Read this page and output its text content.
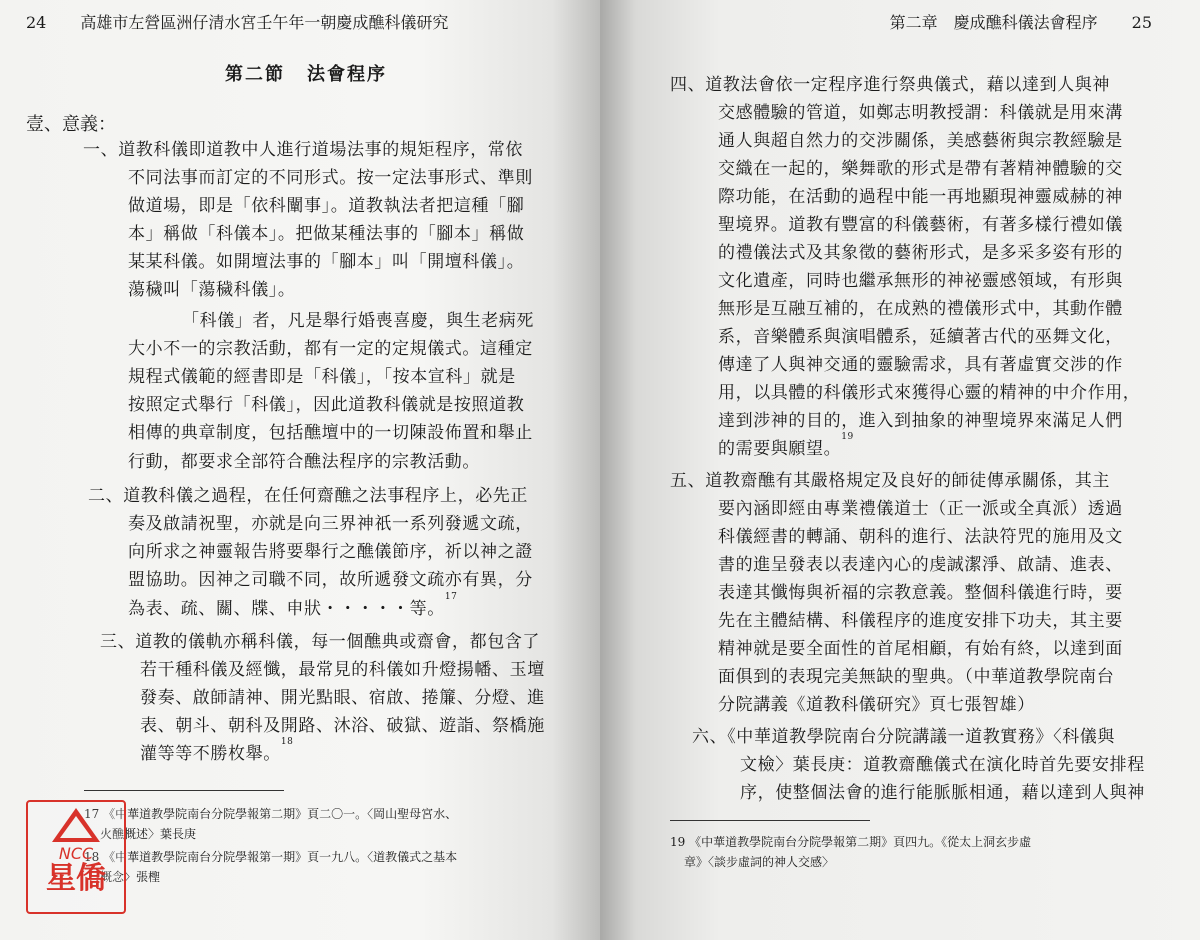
24 高雄市左營區洲仔清水宮壬午年一朝慶成醮科儀研究
第二節 法會程序
壹、意義：
一、道教科儀即道教中人進行道場法事的規矩程序，常依
不同法事而訂定的不同形式。按一定法事形式、準則
做道場，即是「依科闡事」。道教執法者把這種「腳
本」稱做「科儀本」。把做某種法事的「腳本」稱做
某某科儀。如開壇法事的「腳本」叫「開壇科儀」。
蕩穢叫「蕩穢科儀」。
「科儀」者，凡是舉行婚喪喜慶，與生老病死
大小不一的宗教活動，都有一定的定規儀式。這種定
規程式儀範的經書即是「科儀」，「按本宣科」就是
按照定式舉行「科儀」，因此道教科儀就是按照道教
相傳的典章制度，包括醮壇中的一切陳設佈置和舉止
行動，都要求全部符合醮法程序的宗教活動。
二、道教科儀之過程，在任何齋醮之法事程序上，必先正
奏及啟請祝聖，亦就是向三界神祇一系列發遞文疏，
向所求之神靈報告將要舉行之醮儀節序，祈以神之證
盟協助。因神之司職不同，故所遞發文疏亦有異，分
為表、疏、關、牒、申狀・・・・・等。$^{17}$
三、道教的儀軌亦稱科儀，每一個醮典或齋會，都包含了
若干種科儀及經懺，最常見的科儀如升燈揚幡、玉壇
發奏、啟師請神、開光點眼、宿啟、捲簾、分燈、進
表、朝斗、朝科及開路、沐浴、破獄、遊詣、祭橋施
灌等等不勝枚舉。$^{18}$
17 《中華道教學院南台分院學報第二期》頁二〇一。〈岡山聖母宮水、
火醮概述〉葉長庚
18 《中華道教學院南台分院學報第一期》頁一九八。〈道教儀式之基本
概念〉張檉
NCC
星僑
第二章　慶成醮科儀法會程序 25
四、道教法會依一定程序進行祭典儀式，藉以達到人與神
交感體驗的管道，如鄭志明教授謂：科儀就是用來溝
通人與超自然力的交涉關係，美感藝術與宗教經驗是
交織在一起的，樂舞歌的形式是帶有著精神體驗的交
際功能，在活動的過程中能一再地顯現神靈威赫的神
聖境界。道教有豐富的科儀藝術，有著多樣行禮如儀
的禮儀法式及其象徵的藝術形式，是多采多姿有形的
文化遺產，同時也繼承無形的神祕靈感領域，有形與
無形是互融互補的，在成熟的禮儀形式中，其動作體
系，音樂體系與演唱體系，延續著古代的巫舞文化，
傳達了人與神交通的靈驗需求，具有著虛實交涉的作
用，以具體的科儀形式來獲得心靈的精神的中介作用，
達到涉神的目的，進入到抽象的神聖境界來滿足人們
的需要與願望。$^{19}$
五、道教齋醮有其嚴格規定及良好的師徒傳承關係，其主
要內涵即經由專業禮儀道士（正一派或全真派）透過
科儀經書的轉誦、朝科的進行、法訣符咒的施用及文
書的進呈發表以表達內心的虔誠潔淨、啟請、進表、
表達其懺悔與祈福的宗教意義。整個科儀進行時，要
先在主體結構、科儀程序的進度安排下功夫，其主要
精神就是要全面性的首尾相顧，有始有終，以達到面
面俱到的表現完美無缺的聖典。（中華道教學院南台
分院講義《道教科儀研究》頁七張智雄）
六、《中華道教學院南台分院講議一道教實務》〈科儀與
文檢〉葉長庚：道教齋醮儀式在演化時首先要安排程
序，使整個法會的進行能脈脈相通，藉以達到人與神
19 《中華道教學院南台分院學報第二期》頁四九。《從太上洞玄步虛
章》〈談步虛詞的神人交感〉
